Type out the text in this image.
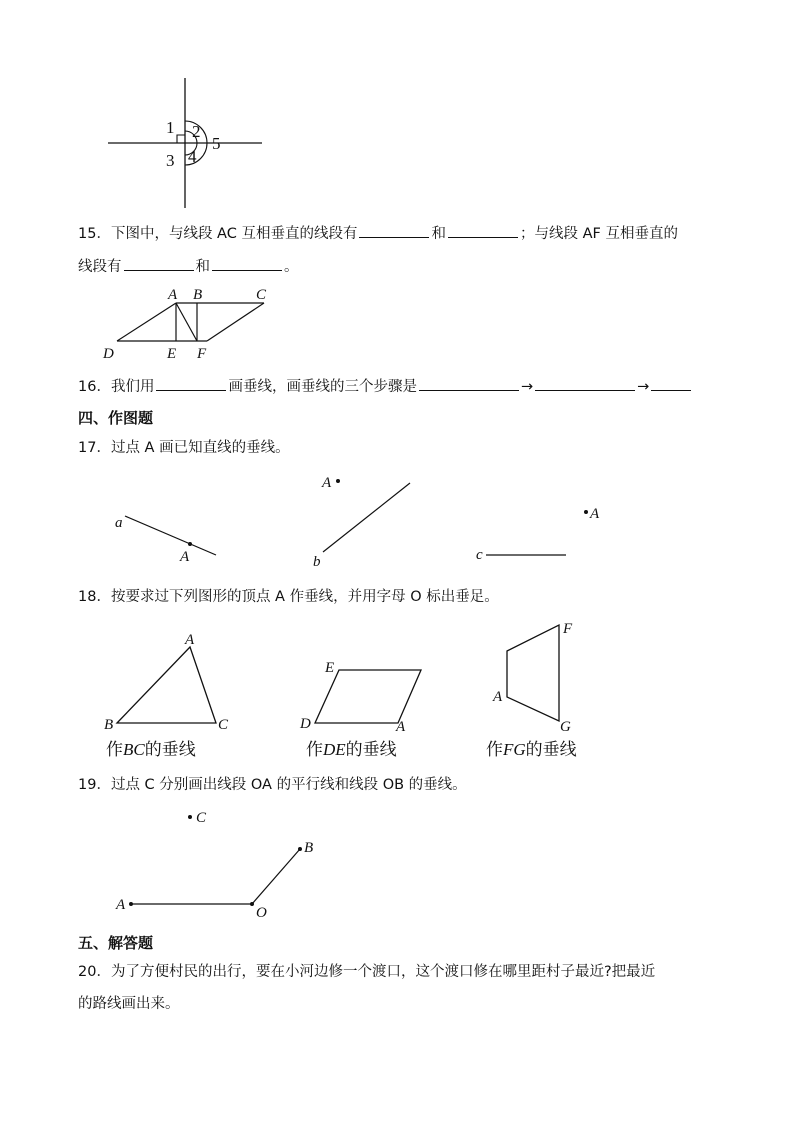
1 2
3 4
5
A B	C
D	E F
a
A
A
b
A
c
A
B	C
E
D	A
F
A
G
作BC的垂线	作DE的垂线	作FG的垂线
C
B
A	O
15．下图中，与线段 AC 互相垂直的线段有	和	；与线段 AF 互相垂直的
线段有	和	。
16．我们用	画垂线，画垂线的三个步骤是	→	→
四、作图题
17．过点 A 画已知直线的垂线。
18．按要求过下列图形的顶点 A 作垂线，并用字母 O 标出垂足。
19．过点 C 分别画出线段 OA 的平行线和线段 OB 的垂线。
五、解答题
20．为了方便村民的出行，要在小河边修一个渡口，这个渡口修在哪里距村子最近?把最近
的路线画出来。
